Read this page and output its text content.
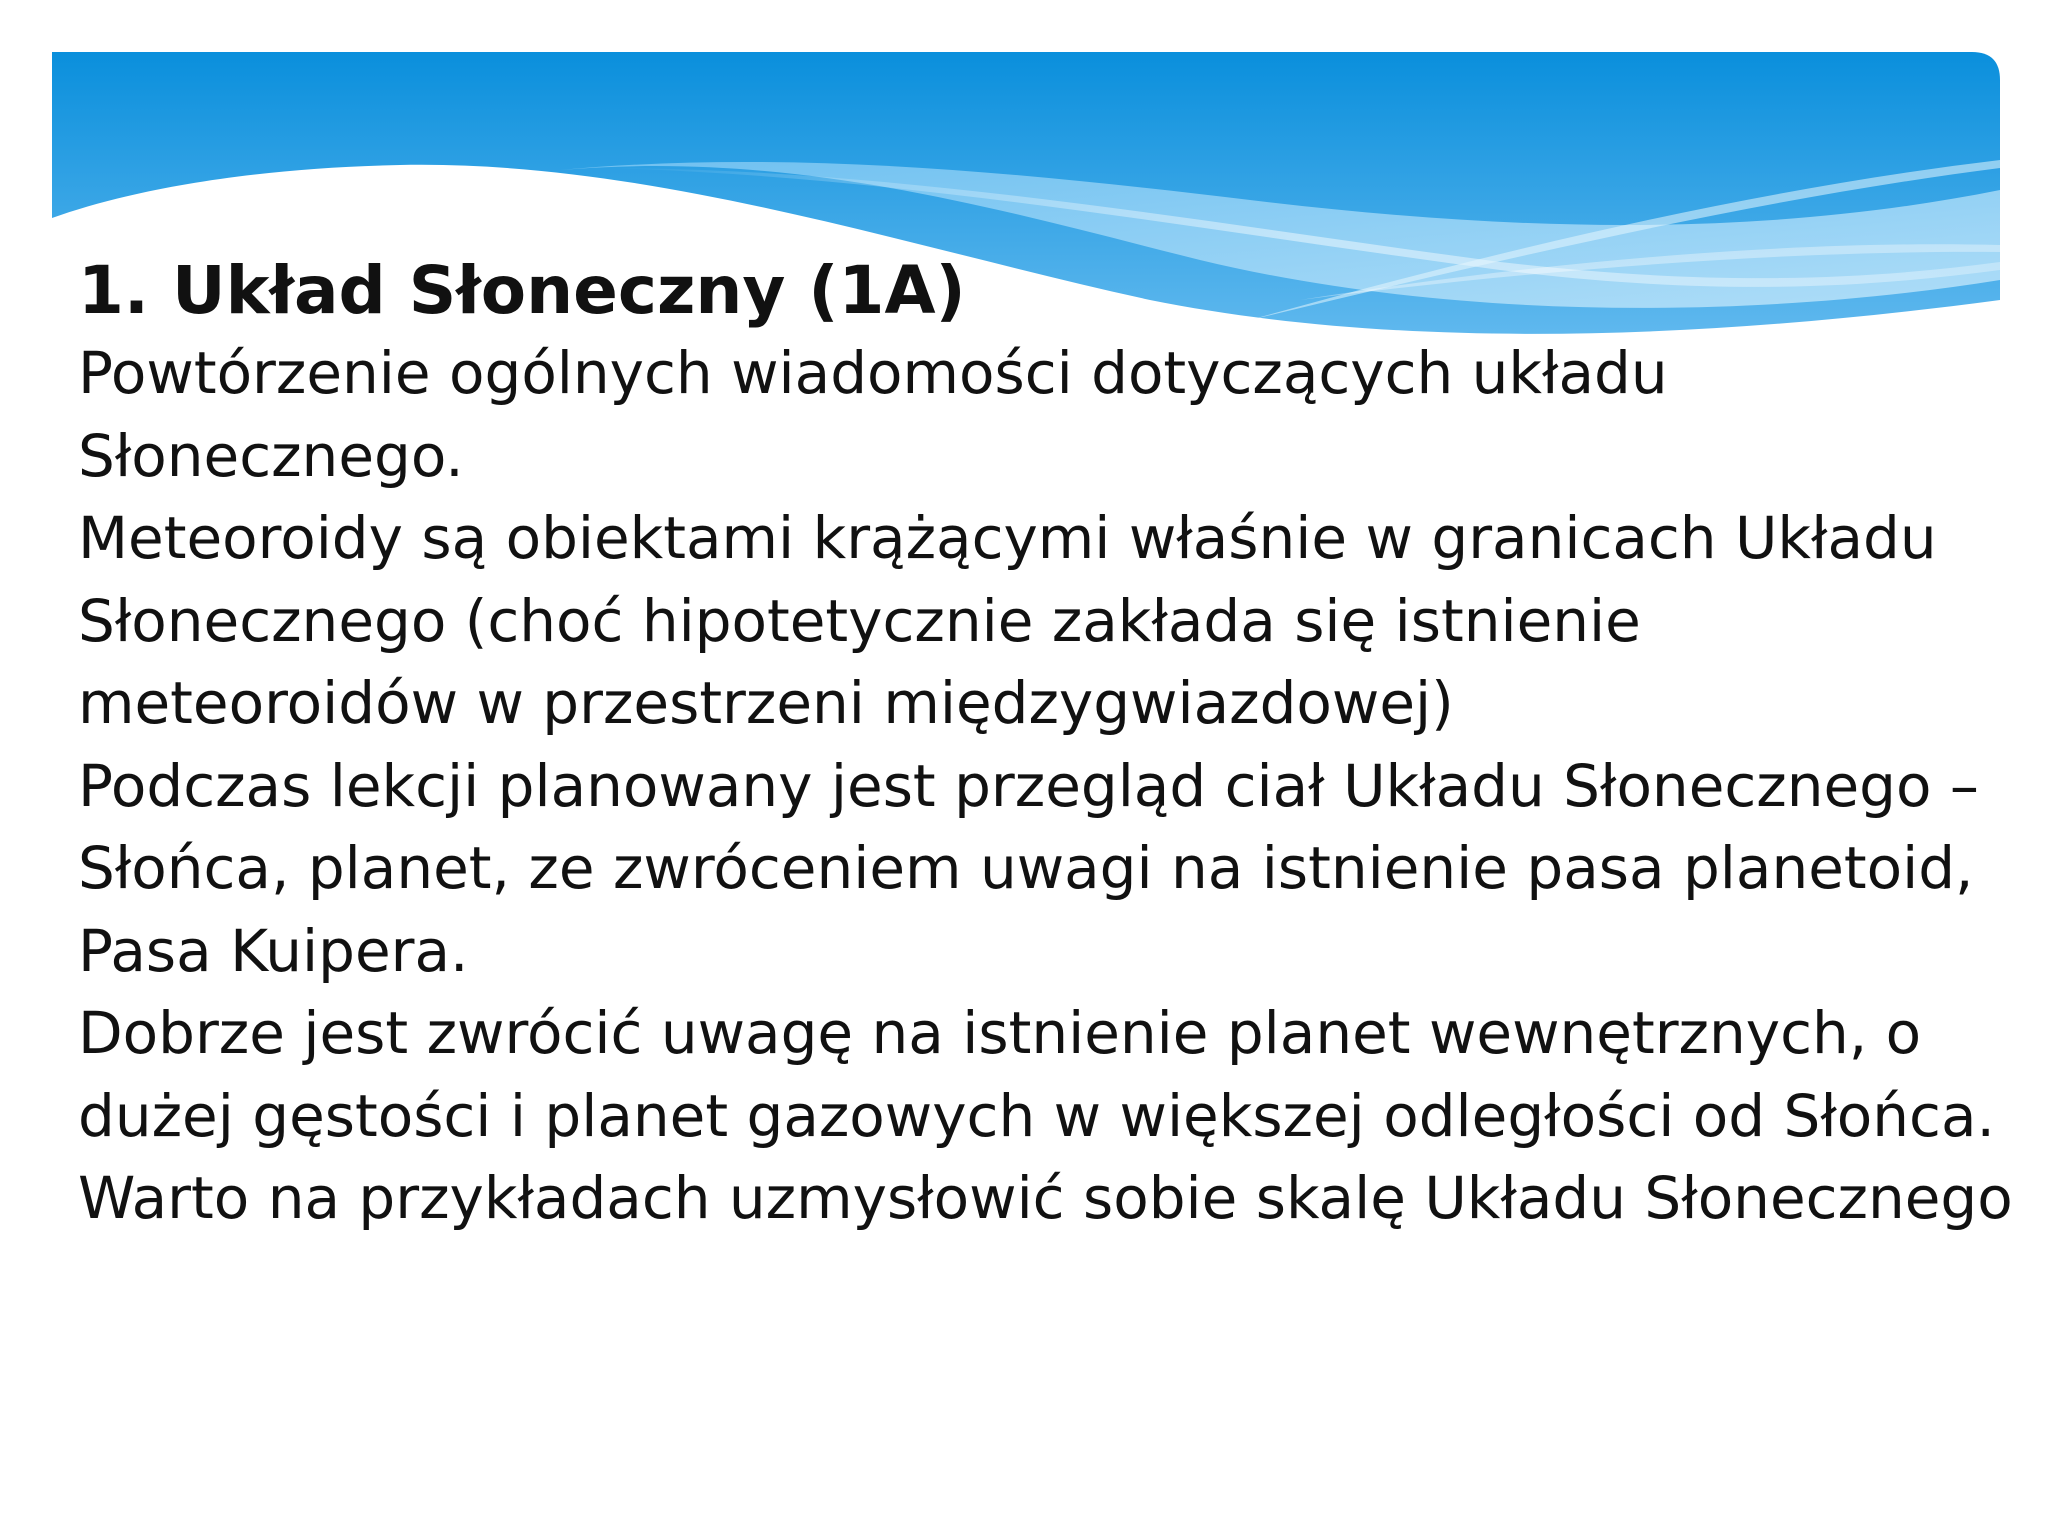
1. Układ Słoneczny (1A)

Powtórzenie ogólnych wiadomości dotyczących układu Słonecznego.

Meteoroidy są obiektami krążącymi właśnie w granicach Układu Słonecznego (choć hipotetycznie zakłada się istnienie meteoroidów w przestrzeni międzygwiazdowej)

Podczas lekcji planowany jest przegląd ciał Układu Słonecznego – Słońca, planet, ze zwróceniem uwagi na istnienie pasa planetoid, Pasa Kuipera.

Dobrze jest zwrócić uwagę na istnienie planet wewnętrznych, o dużej gęstości i planet gazowych w większej odległości od Słońca.

Warto na przykładach uzmysłowić sobie skalę Układu Słonecznego
